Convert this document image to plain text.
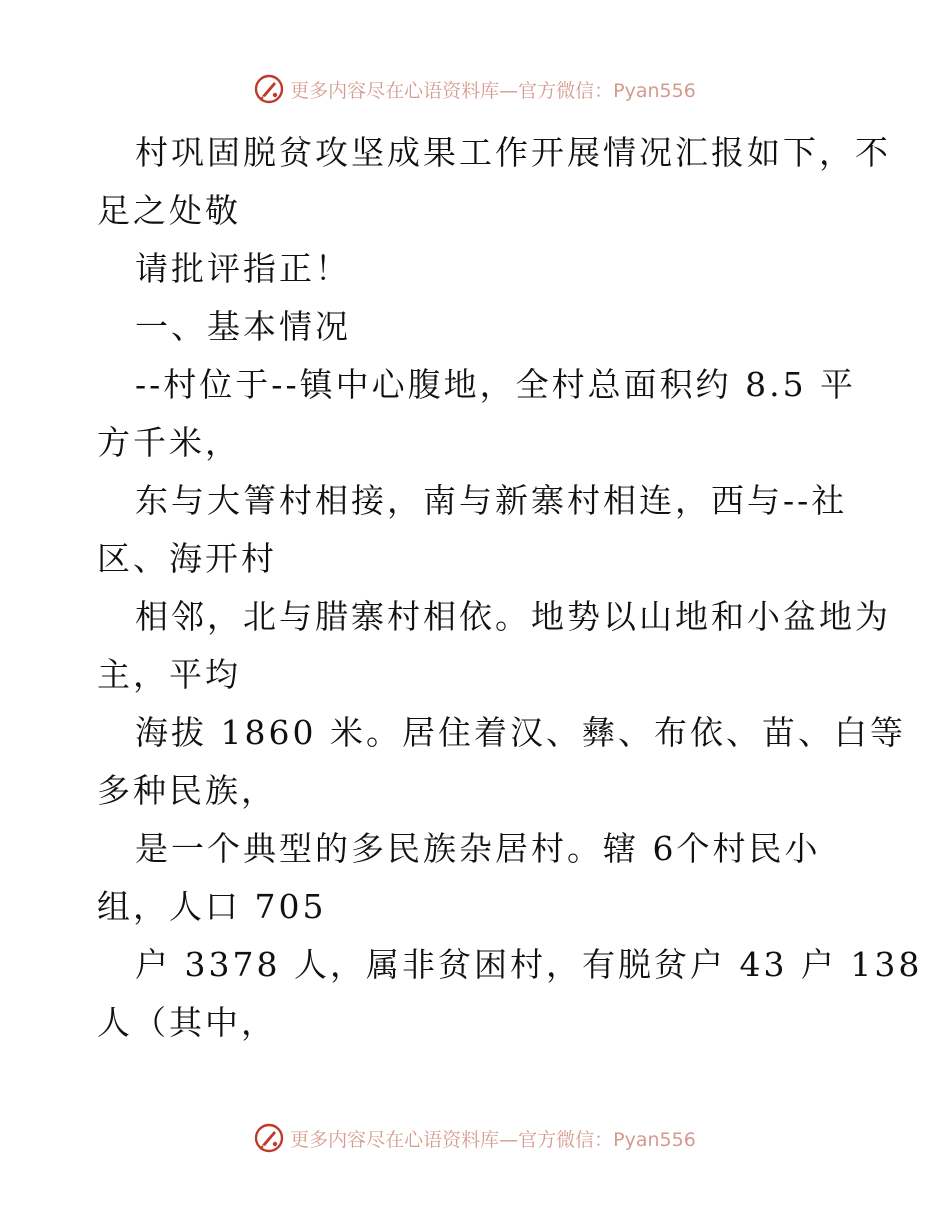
更多内容尽在心语资料库—官方微信：Pyan556
村巩固脱贫攻坚成果工作开展情况汇报如下，不
足之处敬
请批评指正！
一、基本情况
--村位于--镇中心腹地，全村总面积约 8.5 平
方千米，
东与大箐村相接，南与新寨村相连，西与--社
区、海开村
相邻，北与腊寨村相依。地势以山地和小盆地为
主，平均
海拔 1860 米。居住着汉、彝、布依、苗、白等
多种民族，
是一个典型的多民族杂居村。辖 6个村民小
组，人口 705
户 3378 人，属非贫困村，有脱贫户 43 户 138
人（其中，
更多内容尽在心语资料库—官方微信：Pyan556
